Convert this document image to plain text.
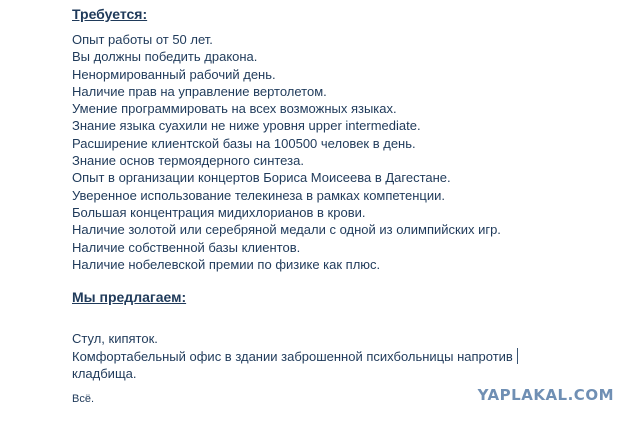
Требуется:
Опыт работы от 50 лет.
Вы должны победить дракона.
Ненормированный рабочий день.
Наличие прав на управление вертолетом.
Умение программировать на всех возможных языках.
Знание языка суахили не ниже уровня upper intermediate.
Расширение клиентской базы на 100500 человек в день.
Знание основ термоядерного синтеза.
Опыт в организации концертов Бориса Моисеева в Дагестане.
Уверенное использование телекинеза в рамках компетенции.
Большая концентрация мидихлорианов в крови.
Наличие золотой или серебряной медали с одной из олимпийских игр.
Наличие собственной базы клиентов.
Наличие нобелевской премии по физике как плюс.
Мы предлагаем:
Стул, кипяток.
Комфортабельный офис в здании заброшенной психбольницы напротив
кладбища.
Всё.	YAPLAKAL.COM
